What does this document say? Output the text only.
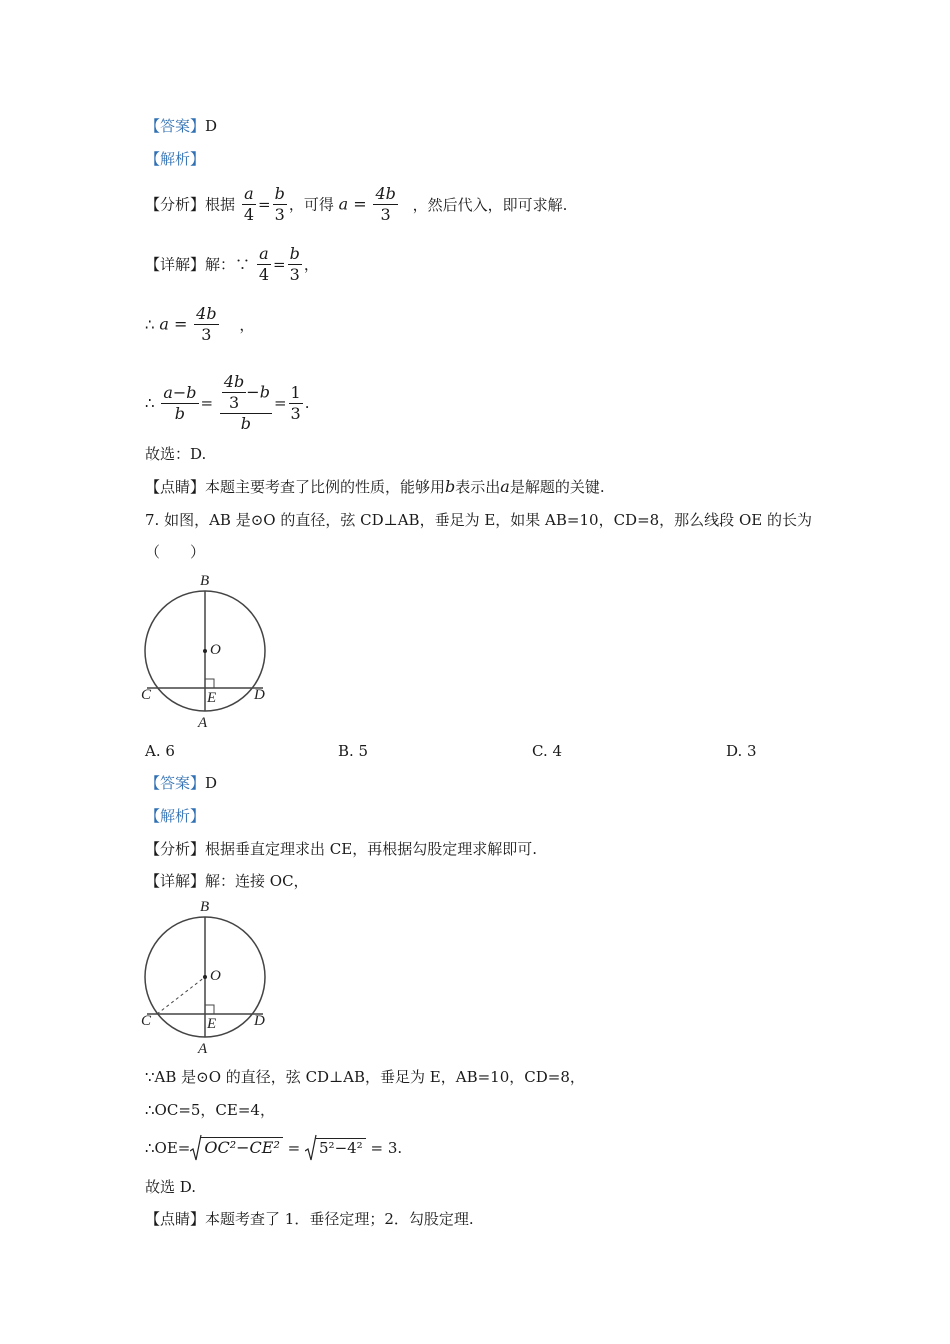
【答案】D
【解析】
【分析】根据 $\frac{a}{4} = \frac{b}{3}$ ，可得 $a = \frac{4b}{3}$ ，然后代入，即可求解.
【详解】解：∵ $\frac{a}{4} = \frac{b}{3}$ ，
∴ $a = \frac{4b}{3}$ ，
∴ $\frac{a-b}{b} = \frac{\frac{4b}{3} -b}{b} = \frac{1}{3}$ .
故选：D.
【点睛】本题主要考查了比例的性质，能够用b表示出a是解题的关键.
7. 如图，AB 是⊙O 的直径，弦 CD⊥AB，垂足为 E，如果 AB=10，CD=8，那么线段 OE 的长为
（　　）
B
O
C	E	D
A
A. 6	B. 5	C. 4	D. 3
【答案】D
【解析】
【分析】根据垂直定理求出 CE，再根据勾股定理求解即可.
【详解】解：连接 OC，
B
O
C	E	D
A
∵AB 是⊙O 的直径，弦 CD⊥AB，垂足为 E，AB=10，CD=8，
∴OC=5，CE=4，
∴OE= OC²−CE² = 5²−4² = 3.
故选 D.
【点睛】本题考查了 1．垂径定理；2．勾股定理.
